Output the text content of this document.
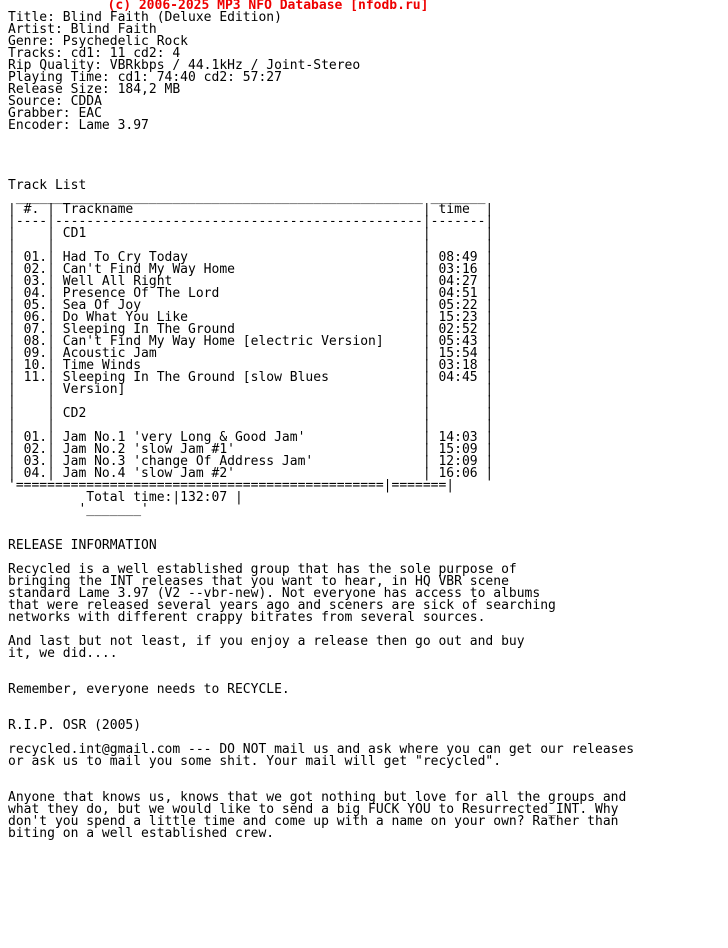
(c) 2006-2025 MP3 NFO Database [nfodb.ru]
Title: Blind Faith (Deluxe Edition)
Artist: Blind Faith
Genre: Psychedelic Rock
Tracks: cd1: 11 cd2: 4
Rip Quality: VBRkbps / 44.1kHz / Joint-Stereo
Playing Time: cd1: 74:40 cd2: 57:27
Release Size: 184,2 MB
Source: CDDA
Grabber: EAC
Encoder: Lame 3.97
Track List
____________________________________________________ _______
| #. | Trackname                                     | time  |
|----|-----------------------------------------------|-------|
|    | CD1                                           |       |
|    |                                               |       |
| 01.| Had To Cry Today                              | 08:49 |
| 02.| Can't Find My Way Home                        | 03:16 |
| 03.| Well All Right                                | 04:27 |
| 04.| Presence Of The Lord                          | 04:51 |
| 05.| Sea Of Joy                                    | 05:22 |
| 06.| Do What You Like                              | 15:23 |
| 07.| Sleeping In The Ground                        | 02:52 |
| 08.| Can't Find My Way Home [electric Version]     | 05:43 |
| 09.| Acoustic Jam                                  | 15:54 |
| 10.| Time Winds                                    | 03:18 |
| 11.| Sleeping In The Ground [slow Blues            | 04:45 |
|    | Version]                                      |       |
|    |                                               |       |
|    | CD2                                           |       |
|    |                                               |       |
| 01.| Jam No.1 'very Long & Good Jam'               | 14:03 |
| 02.| Jam No.2 'slow Jam #1'                        | 15:09 |
| 03.| Jam No.3 'change Of Address Jam'              | 12:09 |
| 04.| Jam No.4 'slow Jam #2'                        | 16:06 |
'===============================================|=======|
Total time:|132:07 |
'_______'
RELEASE INFORMATION
Recycled is a well established group that has the sole purpose of
bringing the INT releases that you want to hear, in HQ VBR scene
standard Lame 3.97 (V2 --vbr-new). Not everyone has access to albums
that were released several years ago and sceners are sick of searching
networks with different crappy bitrates from several sources.
And last but not least, if you enjoy a release then go out and buy
it, we did....
Remember, everyone needs to RECYCLE.
R.I.P. OSR (2005)
recycled.int@gmail.com --- DO NOT mail us and ask where you can get our releases
or ask us to mail you some shit. Your mail will get "recycled".
Anyone that knows us, knows that we got nothing but love for all the groups and
what they do, but we would like to send a big FUCK YOU to Resurrected_INT. Why
don't you spend a little time and come up with a name on your own? Rather than
biting on a well established crew.
